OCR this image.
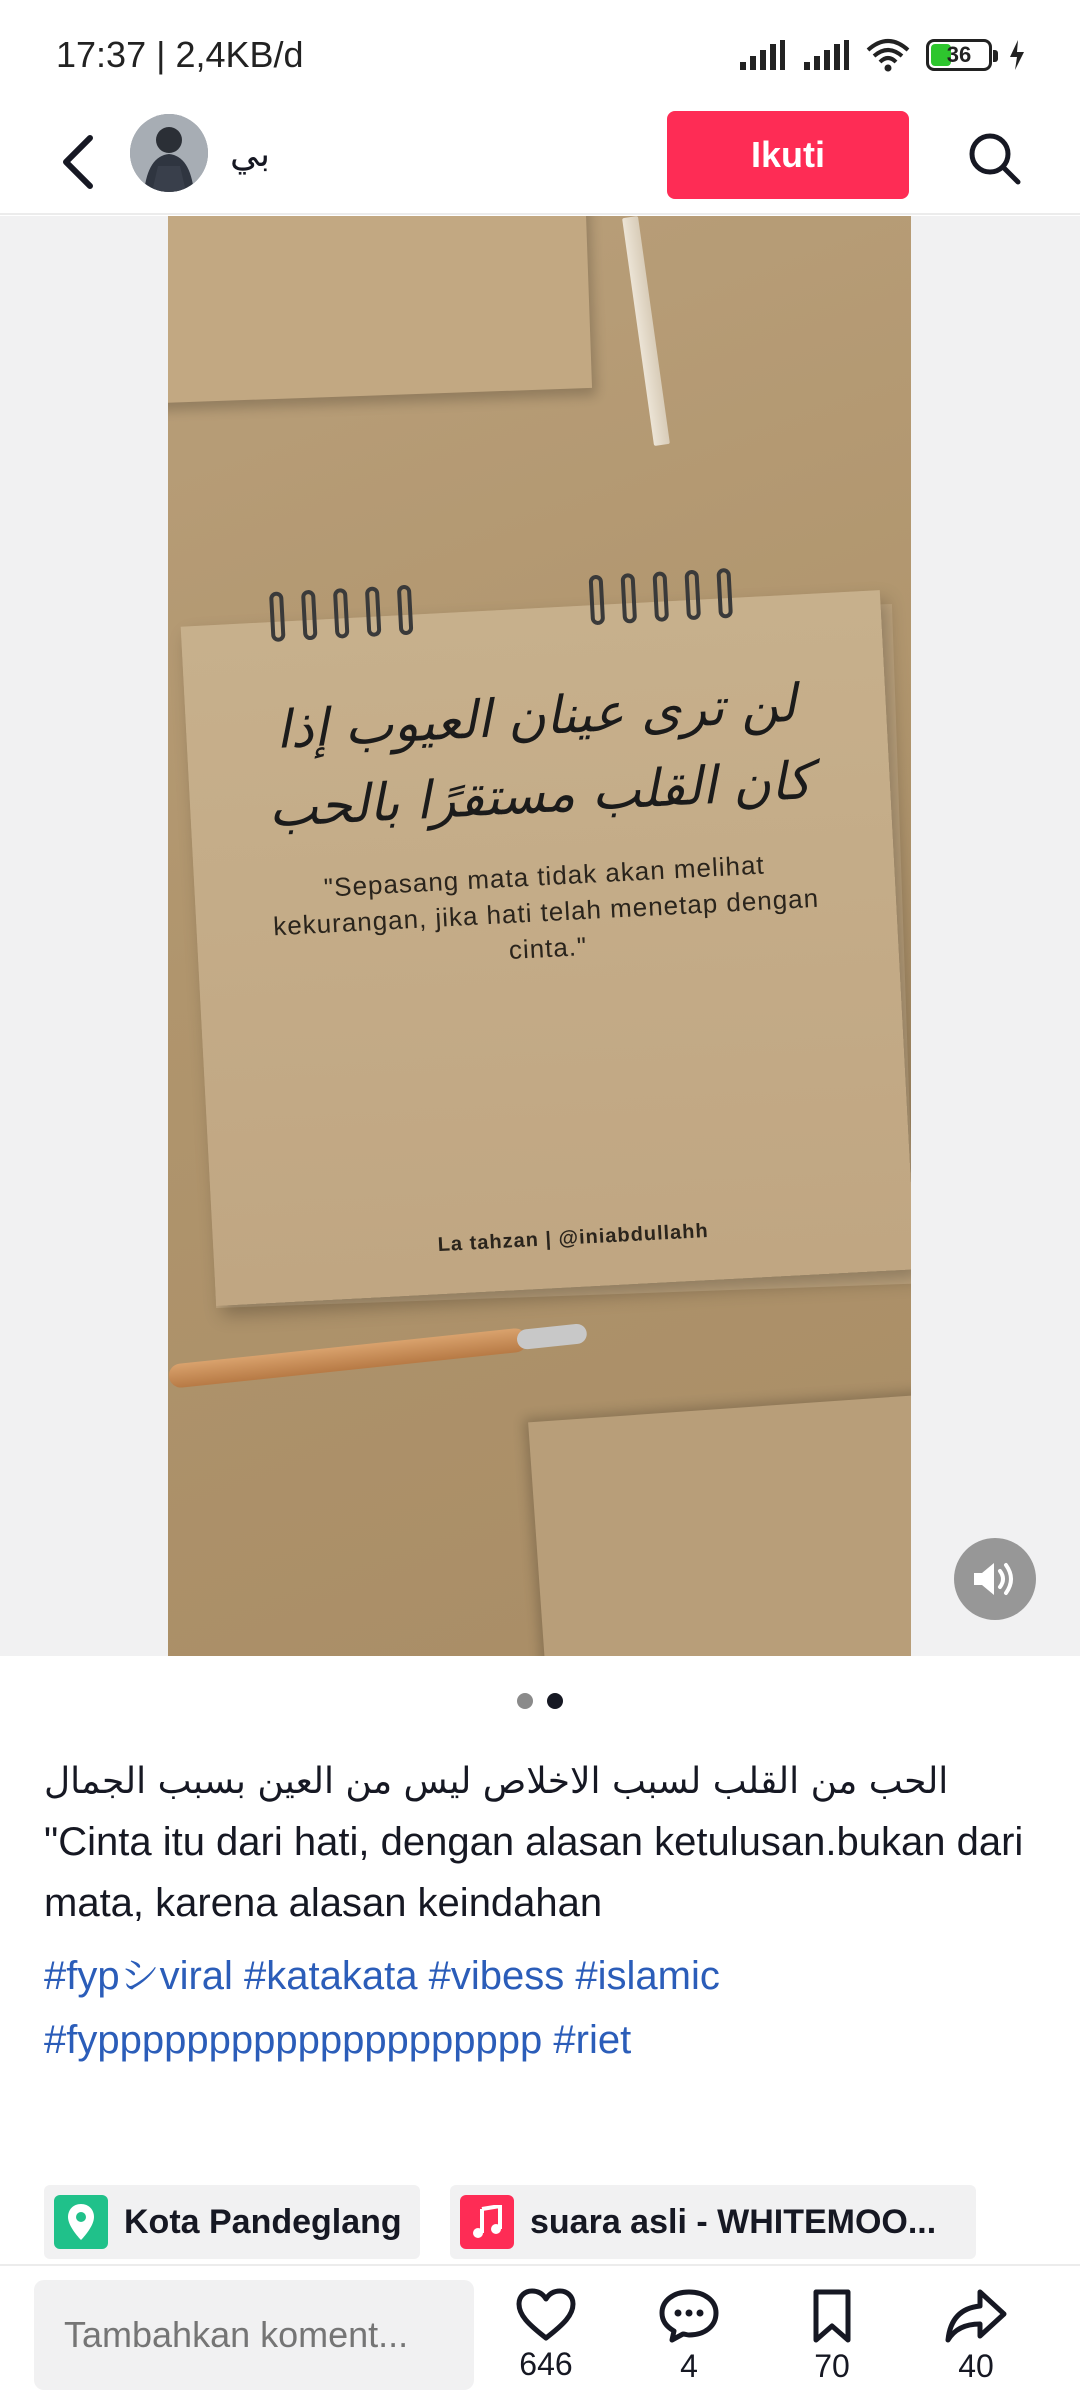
17:37 | 2,4KB/d	36
بي	Ikuti
لن ترى عينان العيوب إذا كان القلب مستقرًا بالحب
"Sepasang mata tidak akan melihat kekurangan, jika hati telah menetap dengan cinta."
La tahzan | @iniabdullahh
الحب من القلب لسبب الاخلاص ليس من العين بسبب الجمال
"Cinta itu dari hati, dengan alasan ketulusan.bukan dari mata, karena alasan keindahan
#fypシviral #katakata #vibess #islamic #fypppppppppppppppppppp #riet
Kota Pandeglang	suara asli - WHITEMOO...
Tambahkan koment...
646	4	70	40
